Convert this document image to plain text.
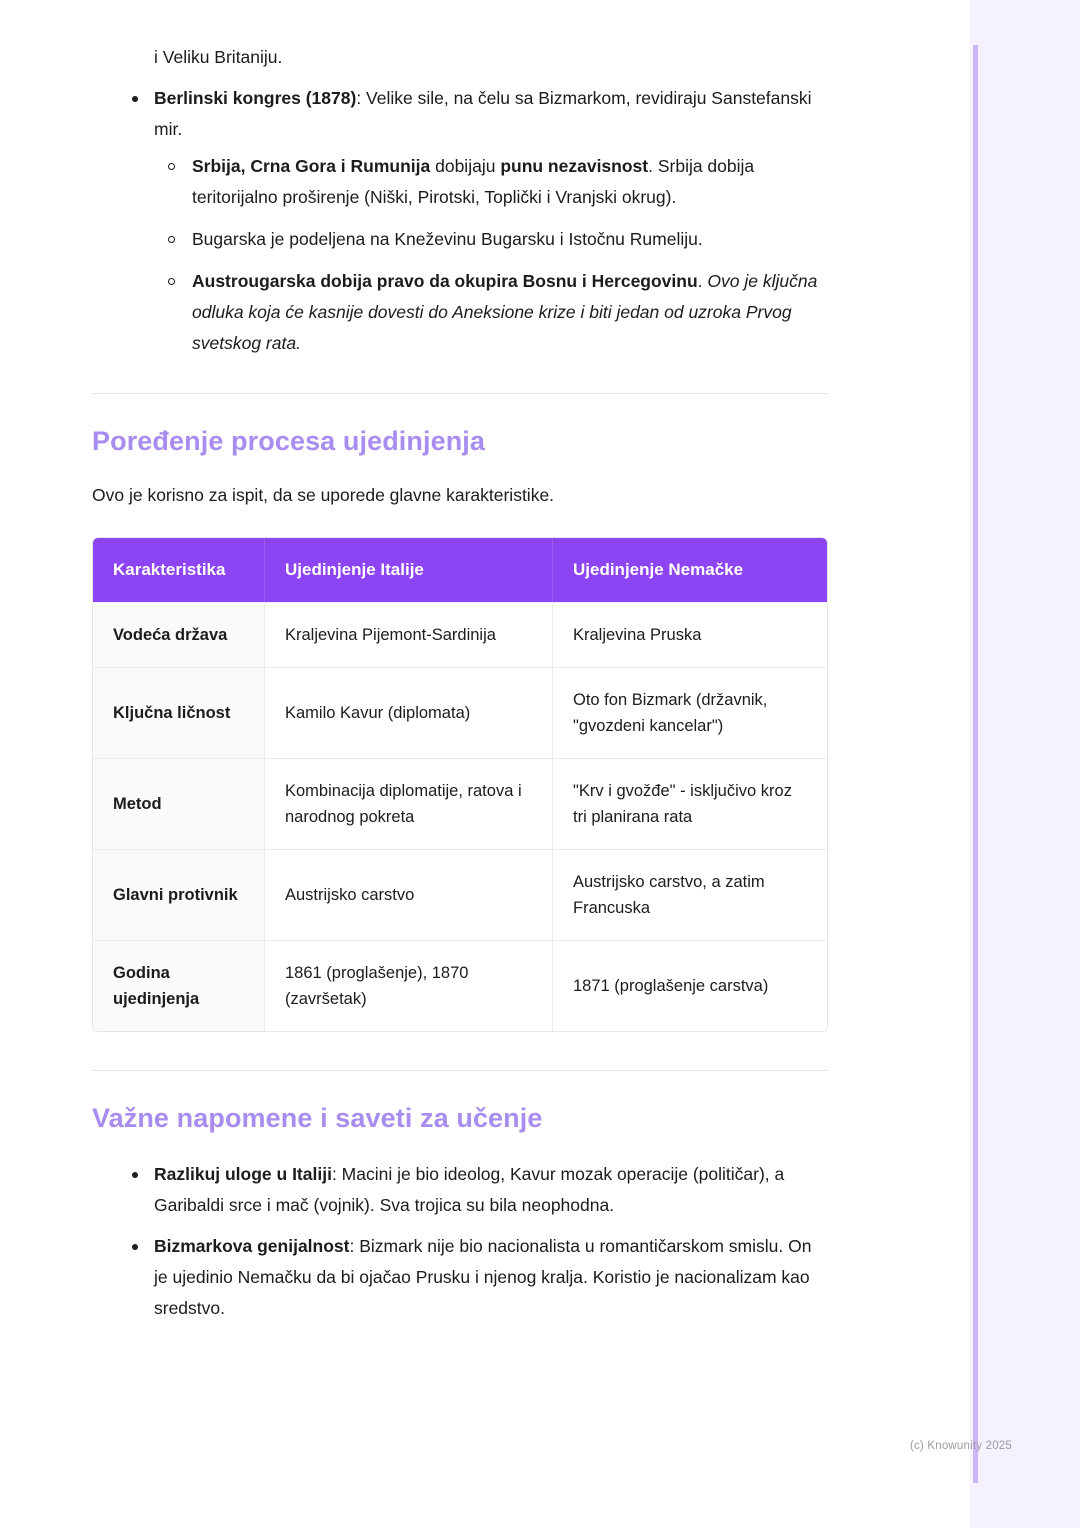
i Veliku Britaniju.

Berlinski kongres (1878): Velike sile, na čelu sa Bizmarkom, revidiraju Sanstefanski mir.
Srbija, Crna Gora i Rumunija dobijaju punu nezavisnost. Srbija dobija teritorijalno proširenje (Niški, Pirotski, Toplički i Vranjski okrug).
Bugarska je podeljena na Kneževinu Bugarsku i Istočnu Rumeliju.
Austrougarska dobija pravo da okupira Bosnu i Hercegovinu. Ovo je ključna odluka koja će kasnije dovesti do Aneksione krize i biti jedan od uzroka Prvog svetskog rata.
Poređenje procesa ujedinjenja

Ovo je korisno za ispit, da se uporede glavne karakteristike.

Karakteristika	Ujedinjenje Italije	Ujedinjenje Nemačke
Vodeća država	Kraljevina Pijemont-Sardinija	Kraljevina Pruska
Ključna ličnost	Kamilo Kavur (diplomata)	Oto fon Bizmark (državnik, "gvozdeni kancelar")
Metod	Kombinacija diplomatije, ratova i narodnog pokreta	"Krv i gvožđe" - isključivo kroz tri planirana rata
Glavni protivnik	Austrijsko carstvo	Austrijsko carstvo, a zatim Francuska
Godina ujedinjenja	1861 (proglašenje), 1870 (završetak)	1871 (proglašenje carstva)
Važne napomene i saveti za učenje
Razlikuj uloge u Italiji: Macini je bio ideolog, Kavur mozak operacije (političar), a Garibaldi srce i mač (vojnik). Sva trojica su bila neophodna.
Bizmarkova genijalnost: Bizmark nije bio nacionalista u romantičarskom smislu. On je ujedinio Nemačku da bi ojačao Prusku i njenog kralja. Koristio je nacionalizam kao sredstvo.
(c) Knowunity 2025
